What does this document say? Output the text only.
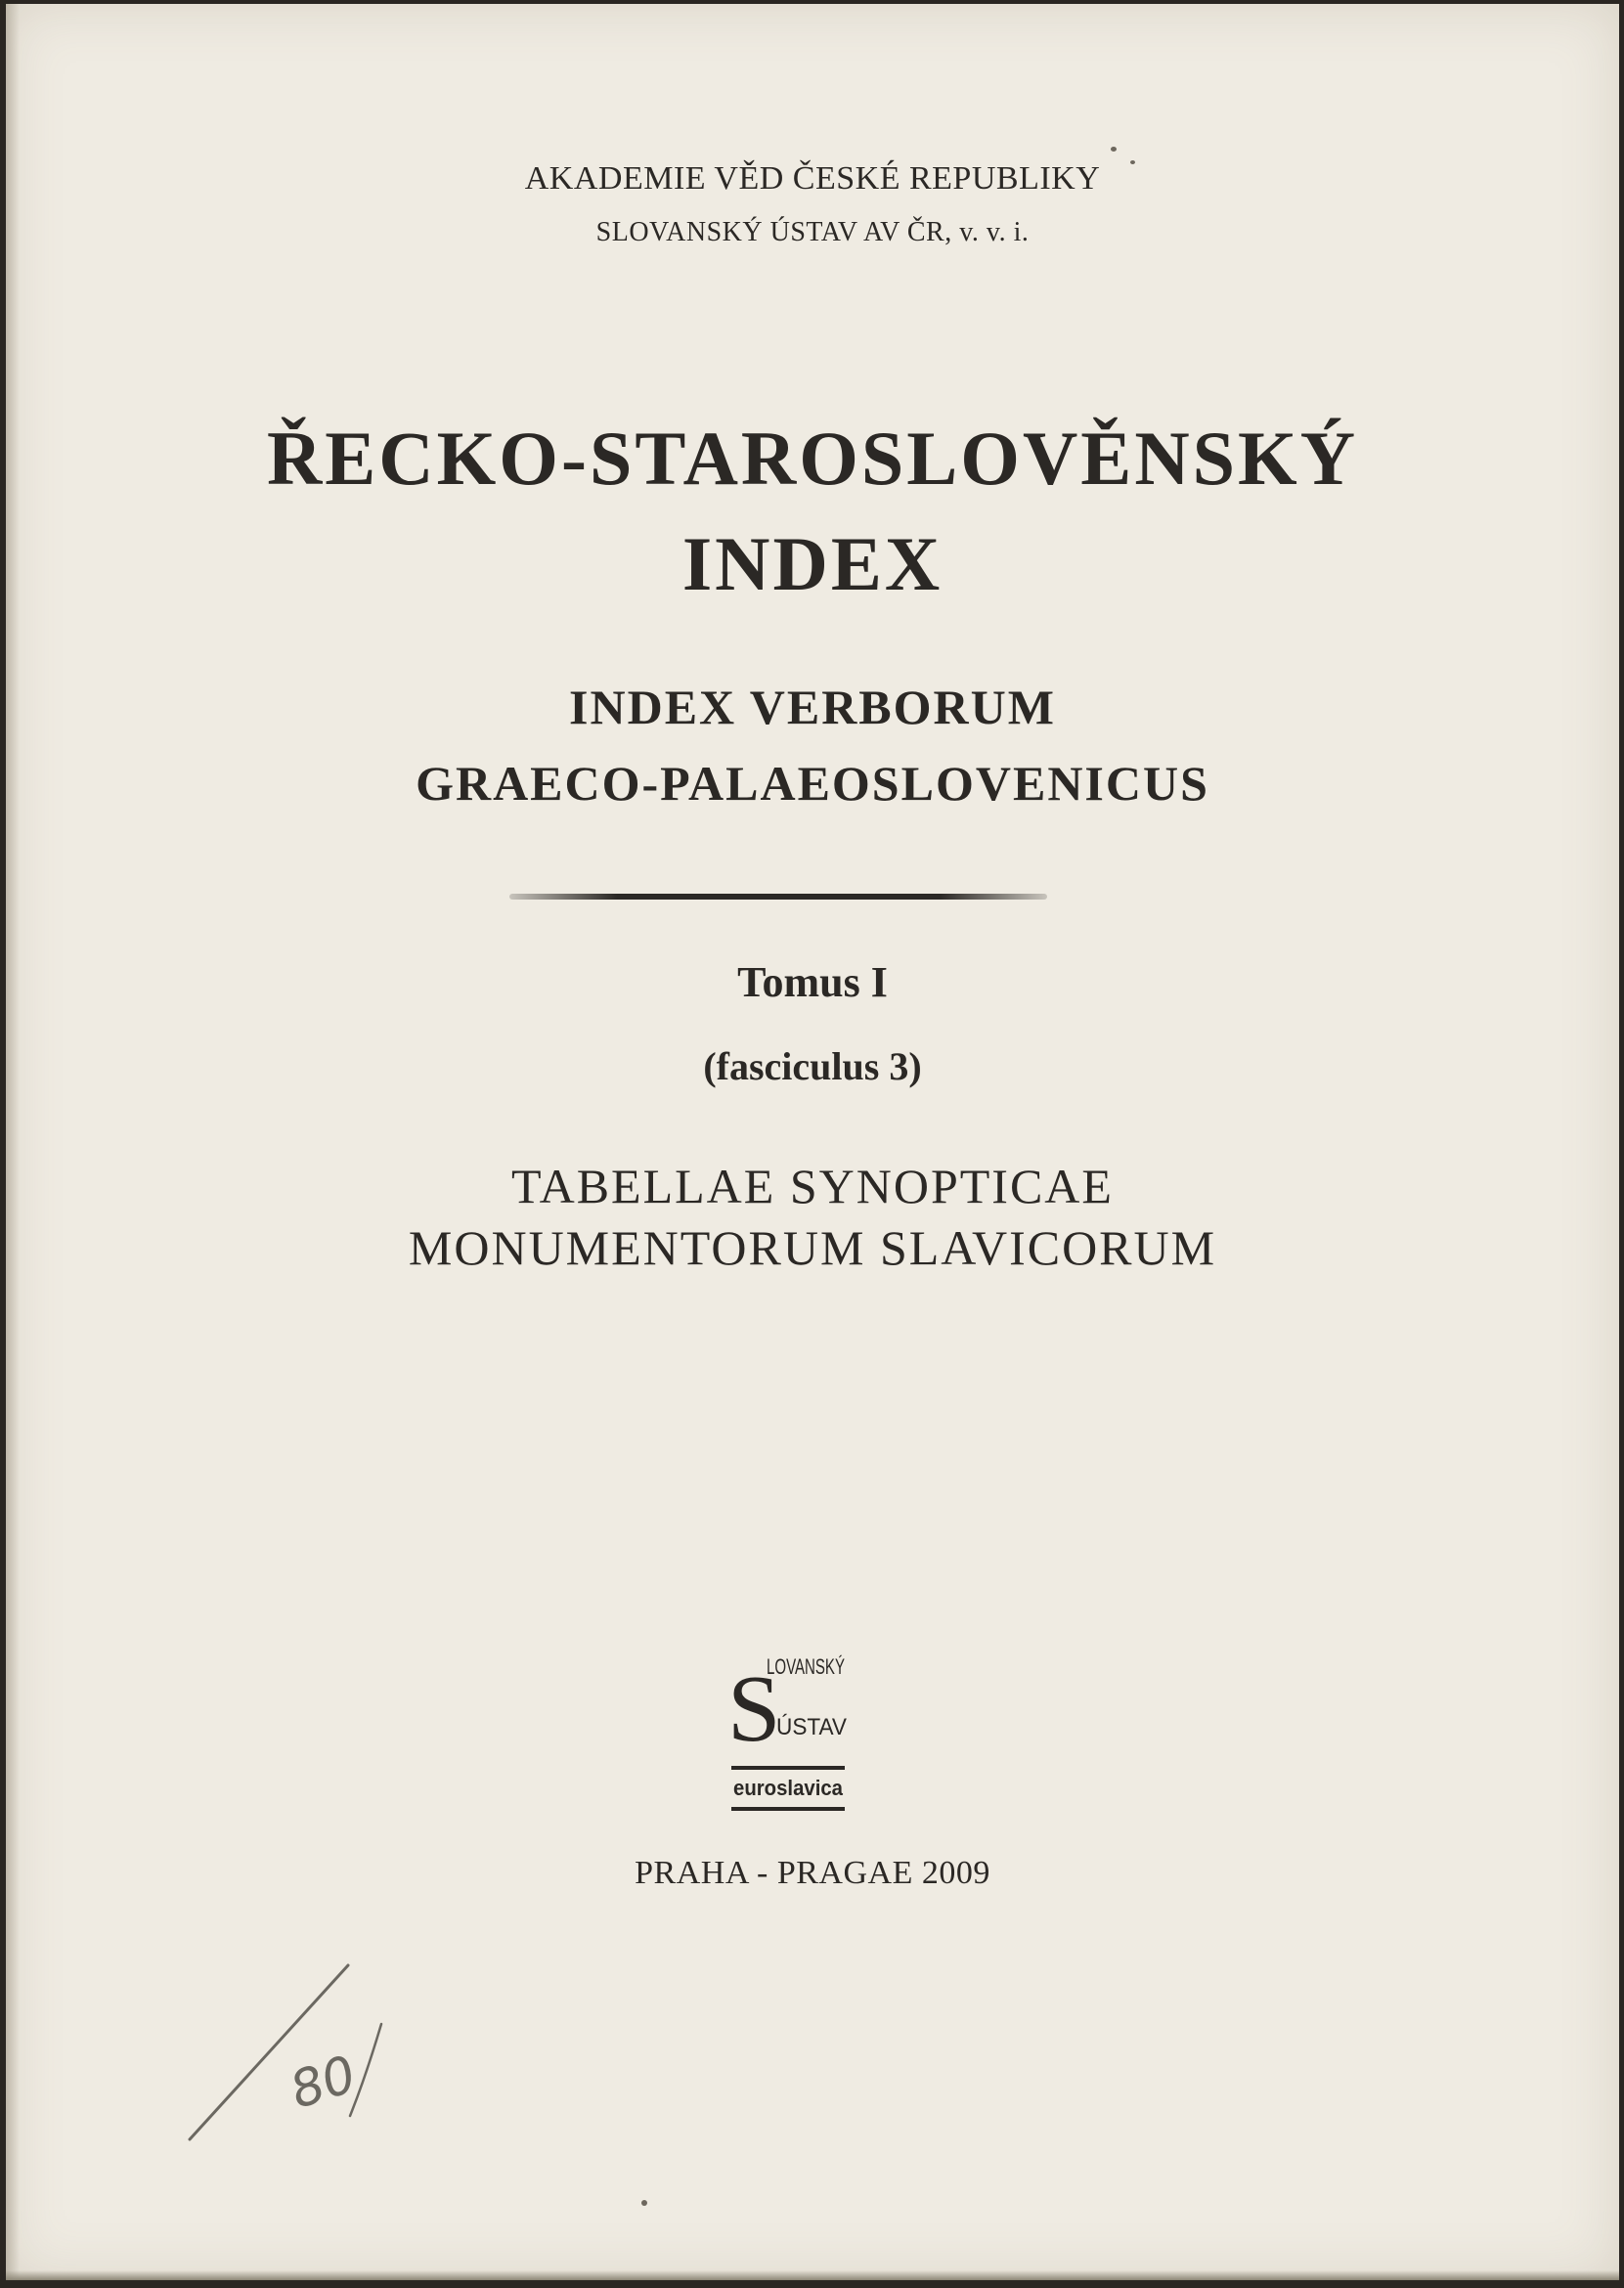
AKADEMIE VĚD ČESKÉ REPUBLIKY

SLOVANSKÝ ÚSTAV AV ČR, v. v. i.

ŘECKO-STAROSLOVĚNSKÝ
INDEX
INDEX VERBORUM
GRAECO-PALAEOSLOVENICUS

Tomus I

(fasciculus 3)

TABELLAE SYNOPTICAE

MONUMENTORUM SLAVICORUM

S
LOVANSKÝ
ÚSTAV
euroslavica

PRAHA - PRAGAE 2009

80
